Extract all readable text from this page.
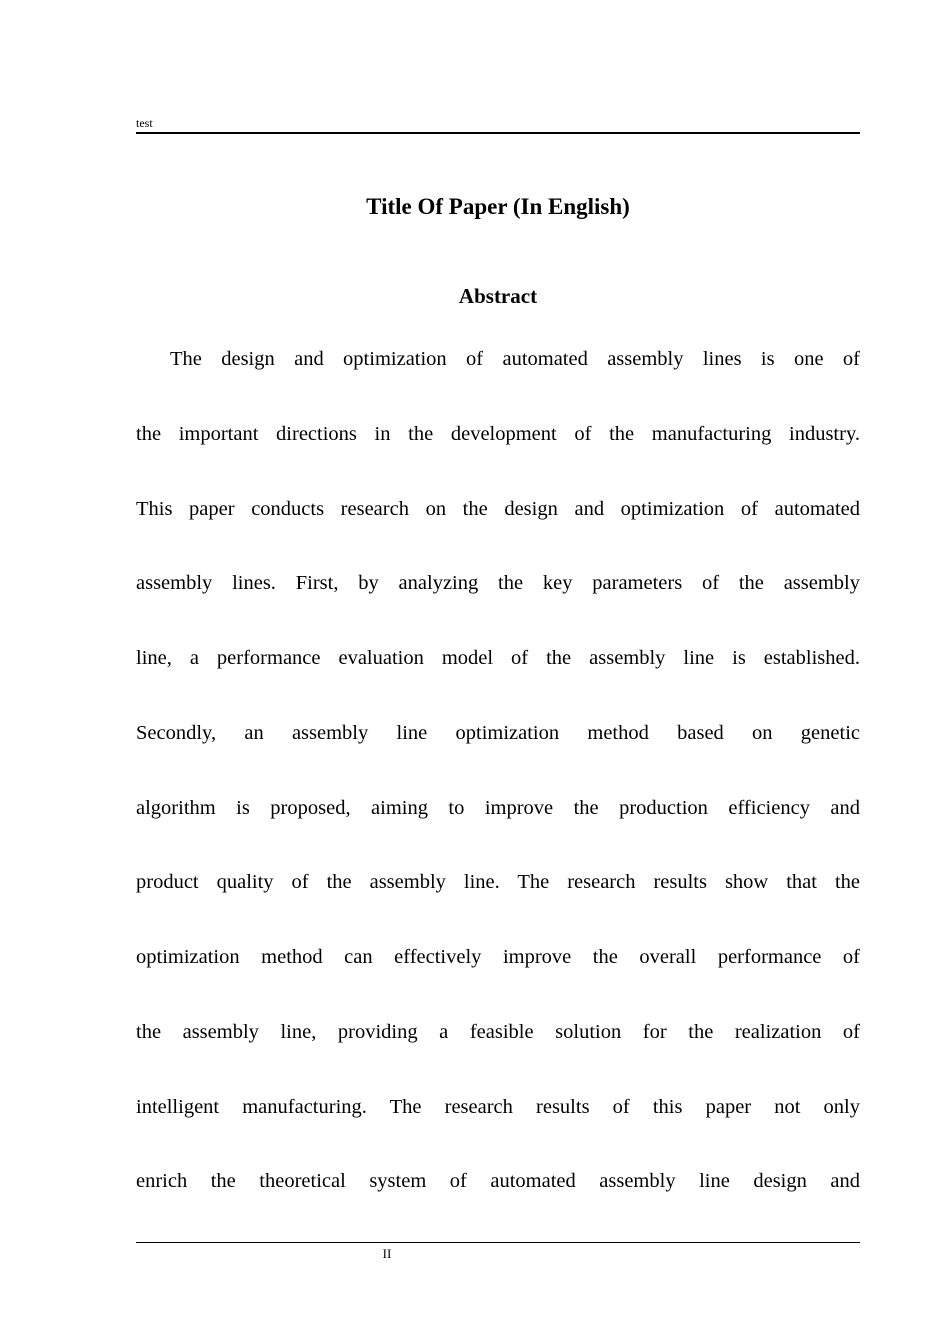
test
Title Of Paper (In English)
Abstract
The design and optimization of automated assembly lines is one of
the important directions in the development of the manufacturing industry.
This paper conducts research on the design and optimization of automated
assembly lines. First, by analyzing the key parameters of the assembly
line, a performance evaluation model of the assembly line is established.
Secondly, an assembly line optimization method based on genetic
algorithm is proposed, aiming to improve the production efficiency and
product quality of the assembly line. The research results show that the
optimization method can effectively improve the overall performance of
the assembly line, providing a feasible solution for the realization of
intelligent manufacturing. The research results of this paper not only
enrich the theoretical system of automated assembly line design and
II
